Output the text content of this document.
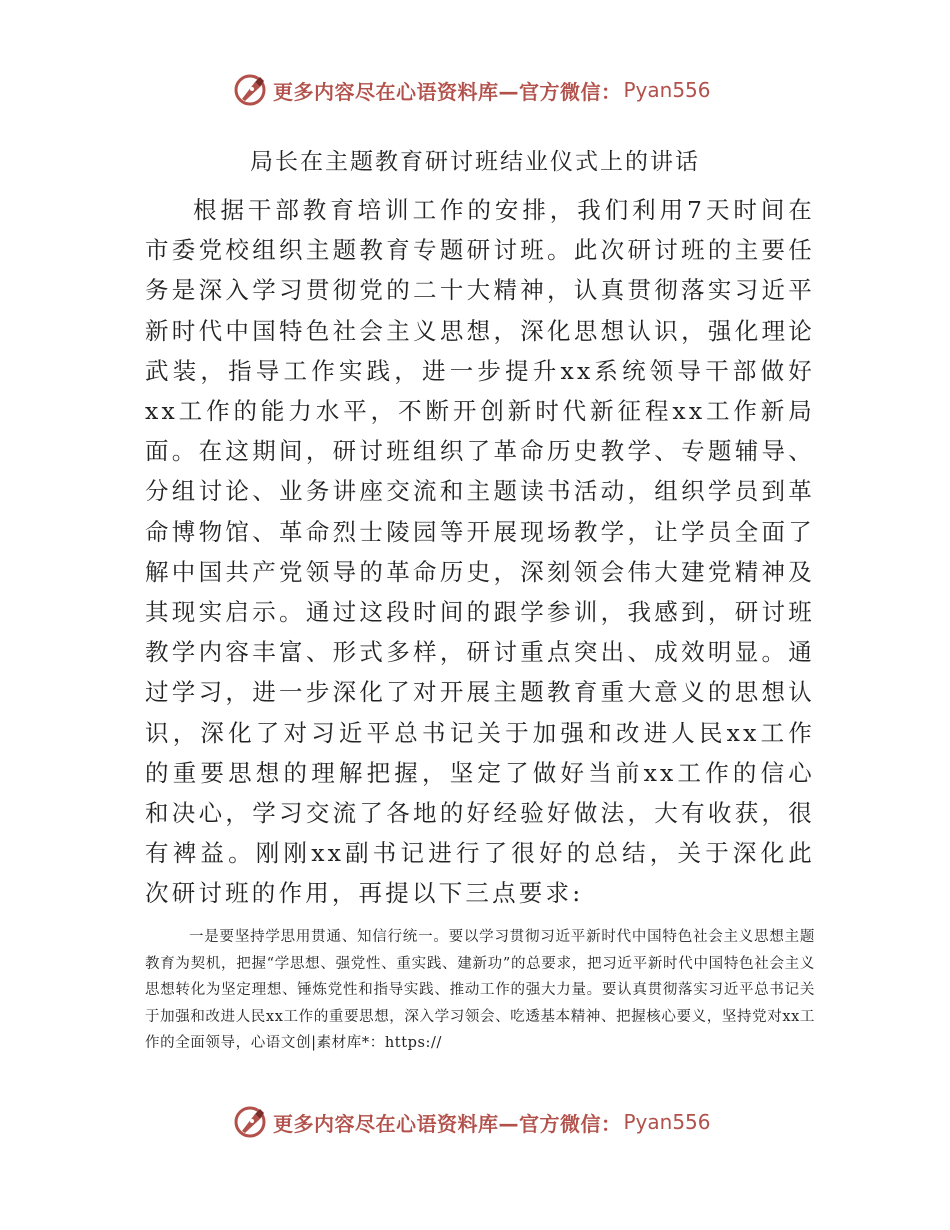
更多内容尽在心语资料库—官方微信： Pyan556
局长在主题教育研讨班结业仪式上的讲话

根据干部教育培训工作的安排，我们利用7天时间在市委党校组织主题教育专题研讨班。此次研讨班的主要任务是深入学习贯彻党的二十大精神，认真贯彻落实习近平新时代中国特色社会主义思想，深化思想认识，强化理论武装，指导工作实践，进一步提升xx系统领导干部做好xx工作的能力水平，不断开创新时代新征程xx工作新局面。在这期间，研讨班组织了革命历史教学、专题辅导、分组讨论、业务讲座交流和主题读书活动，组织学员到革命博物馆、革命烈士陵园等开展现场教学，让学员全面了解中国共产党领导的革命历史，深刻领会伟大建党精神及其现实启示。通过这段时间的跟学参训，我感到，研讨班教学内容丰富、形式多样，研讨重点突出、成效明显。通过学习，进一步深化了对开展主题教育重大意义的思想认识，深化了对习近平总书记关于加强和改进人民xx工作的重要思想的理解把握，坚定了做好当前xx工作的信心和决心，学习交流了各地的好经验好做法，大有收获，很有裨益。刚刚xx副书记进行了很好的总结，关于深化此次研讨班的作用，再提以下三点要求:

一是要坚持学思用贯通、知信行统一。要以学习贯彻习近平新时代中国特色社会主义思想主题教育为契机，把握“学思想、强党性、重实践、建新功”的总要求，把习近平新时代中国特色社会主义思想转化为坚定理想、锤炼党性和指导实践、推动工作的强大力量。要认真贯彻落实习近平总书记关于加强和改进人民xx工作的重要思想，深入学习领会、吃透基本精神、把握核心要义，坚持党对xx工作的全面领导，心语文创|素材库*：https://

更多内容尽在心语资料库—官方微信： Pyan556
